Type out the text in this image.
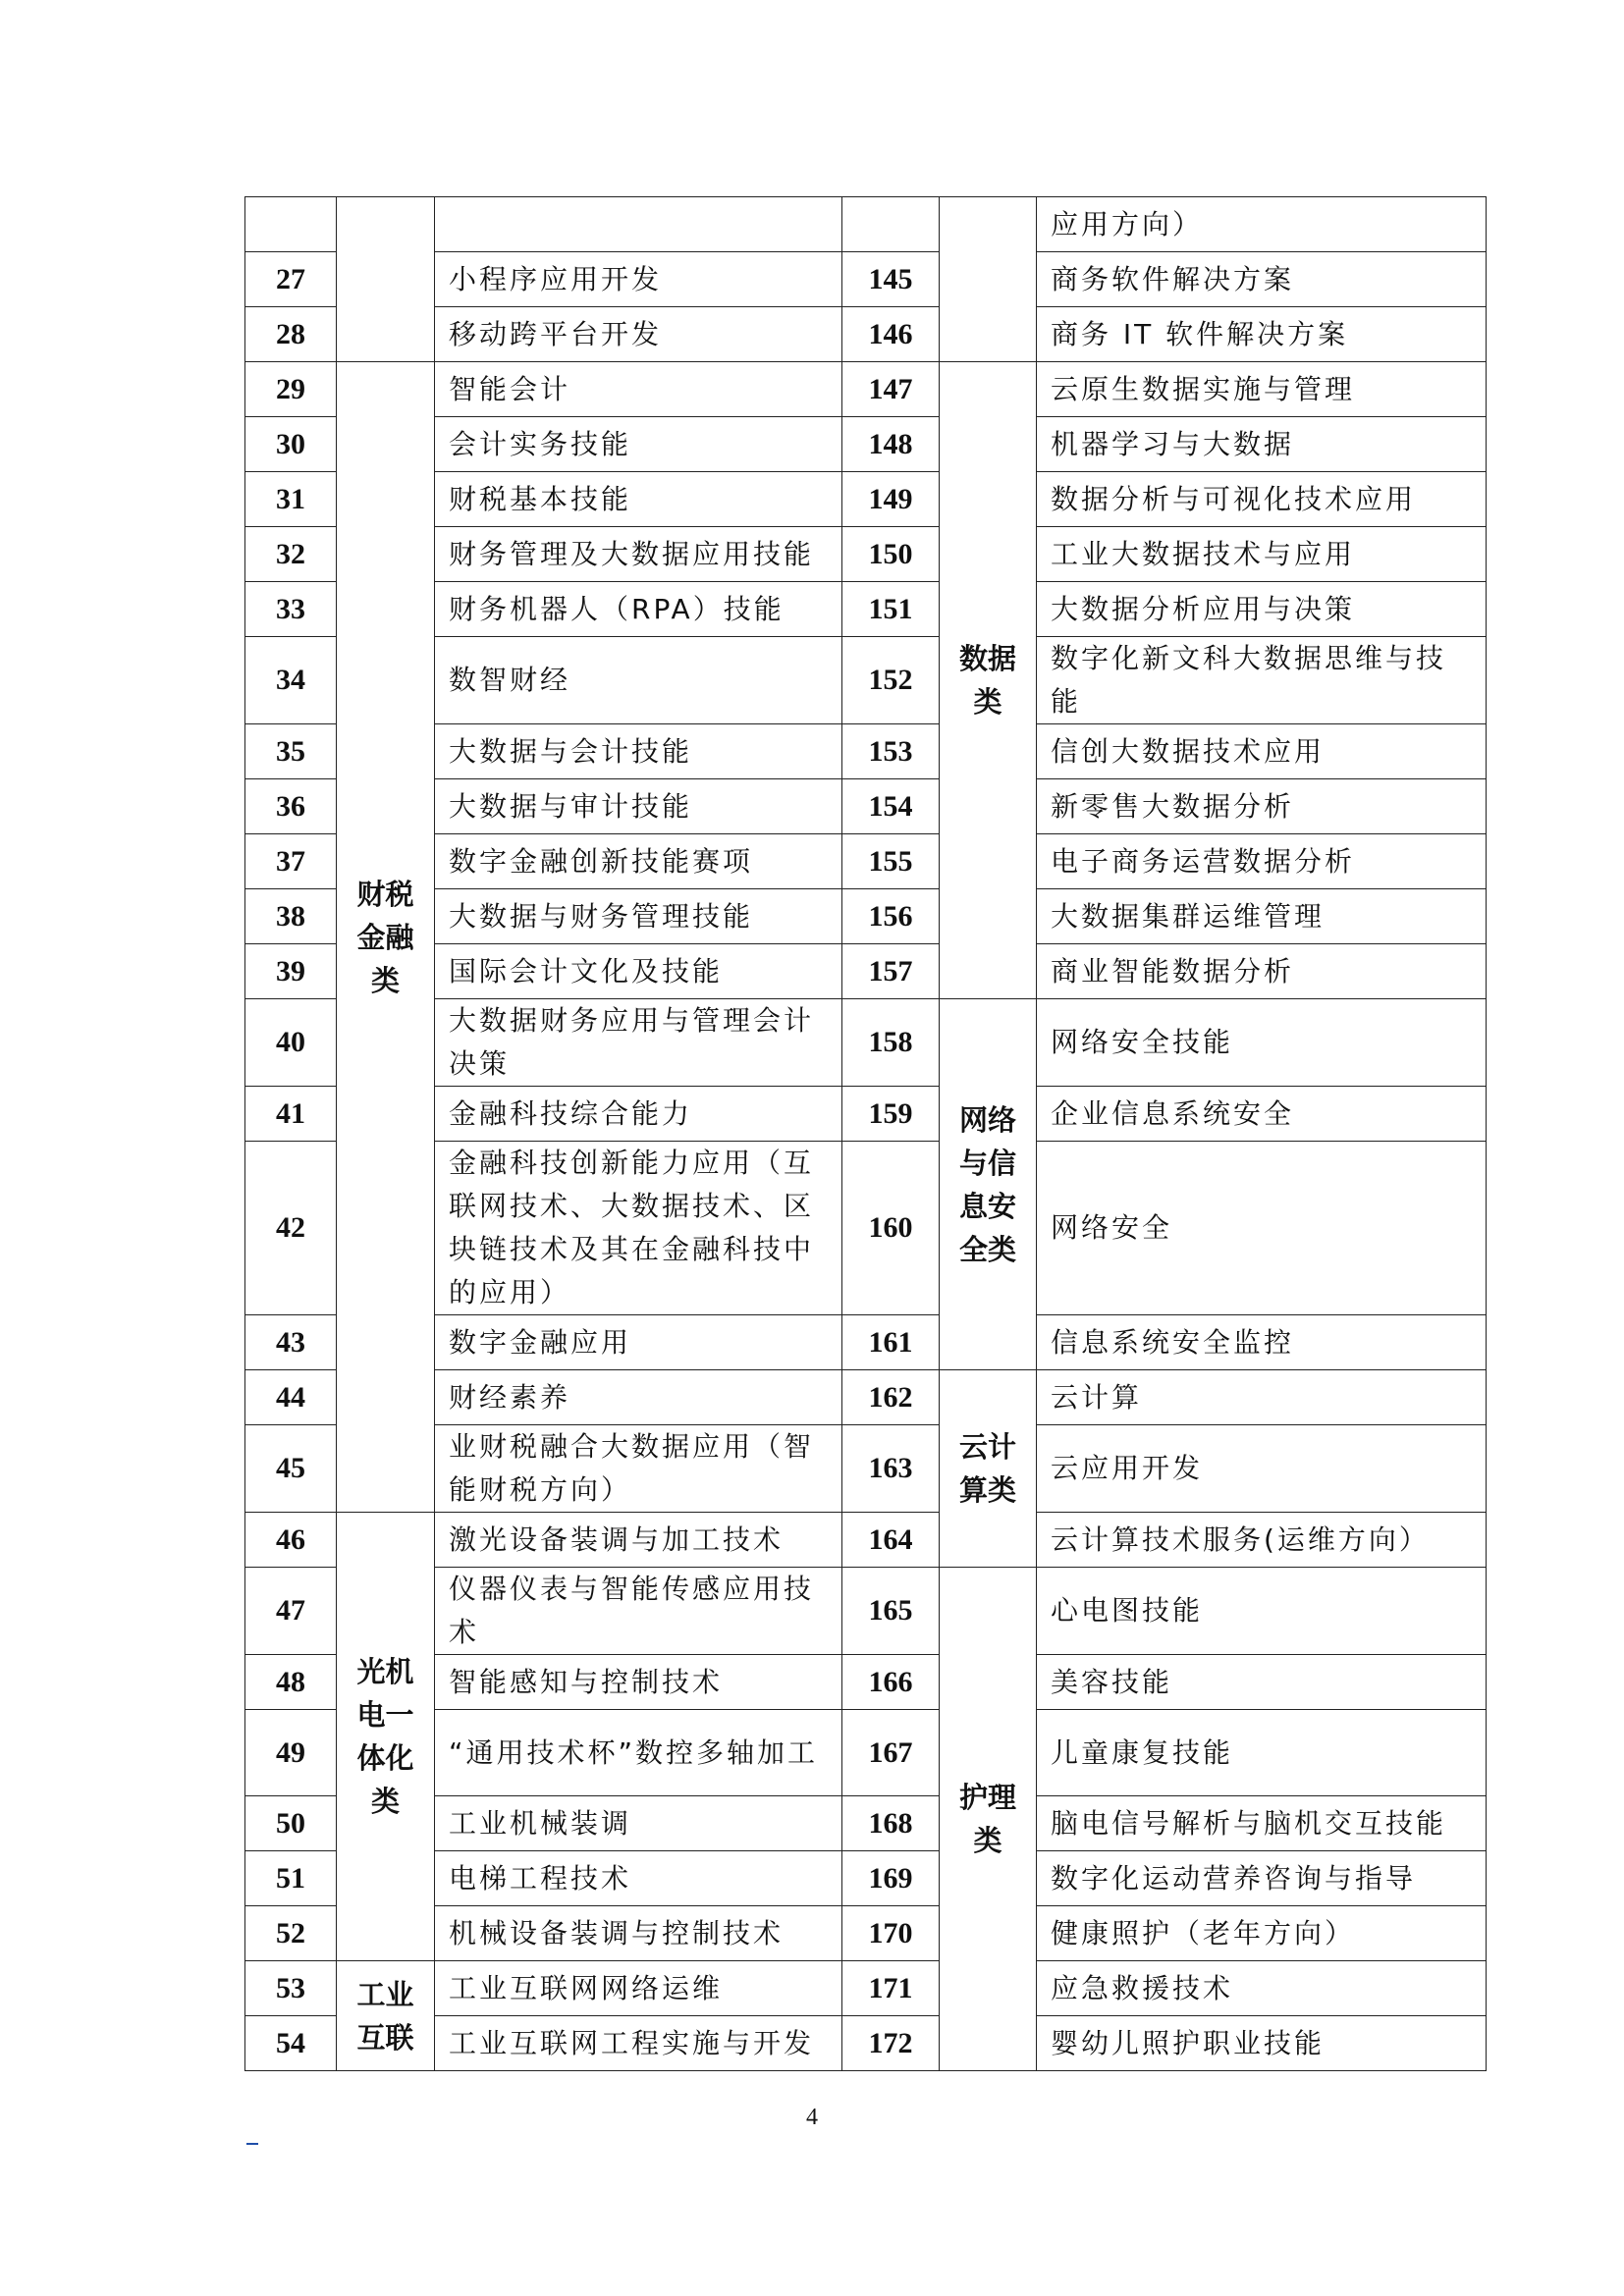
					应用方向）
27		小程序应用开发	145		商务软件解决方案
28		移动跨平台开发	146		商务 IT 软件解决方案
29	财税金融类	智能会计	147	数据类	云原生数据实施与管理
30		会计实务技能	148		机器学习与大数据
31		财税基本技能	149		数据分析与可视化技术应用
32		财务管理及大数据应用技能	150		工业大数据技术与应用
33		财务机器人（RPA）技能	151		大数据分析应用与决策
34		数智财经	152		数字化新文科大数据思维与技能
35		大数据与会计技能	153		信创大数据技术应用
36		大数据与审计技能	154		新零售大数据分析
37		数字金融创新技能赛项	155		电子商务运营数据分析
38		大数据与财务管理技能	156		大数据集群运维管理
39		国际会计文化及技能	157		商业智能数据分析
40		大数据财务应用与管理会计决策	158	网络与信息安全类	网络安全技能
41		金融科技综合能力	159		企业信息系统安全
42		金融科技创新能力应用（互联网技术、大数据技术、区块链技术及其在金融科技中的应用）	160		网络安全
43		数字金融应用	161		信息系统安全监控
44		财经素养	162	云计算类	云计算
45		业财税融合大数据应用（智能财税方向）	163		云应用开发
46	光机电一体化类	激光设备装调与加工技术	164		云计算技术服务(运维方向）
47		仪器仪表与智能传感应用技术	165	护理类	心电图技能
48		智能感知与控制技术	166		美容技能
49		“通用技术杯”数控多轴加工	167		儿童康复技能
50		工业机械装调	168		脑电信号解析与脑机交互技能
51		电梯工程技术	169		数字化运动营养咨询与指导
52		机械设备装调与控制技术	170		健康照护（老年方向）
53	工业互联	工业互联网网络运维	171		应急救援技术
54		工业互联网工程实施与开发	172		婴幼儿照护职业技能
4
